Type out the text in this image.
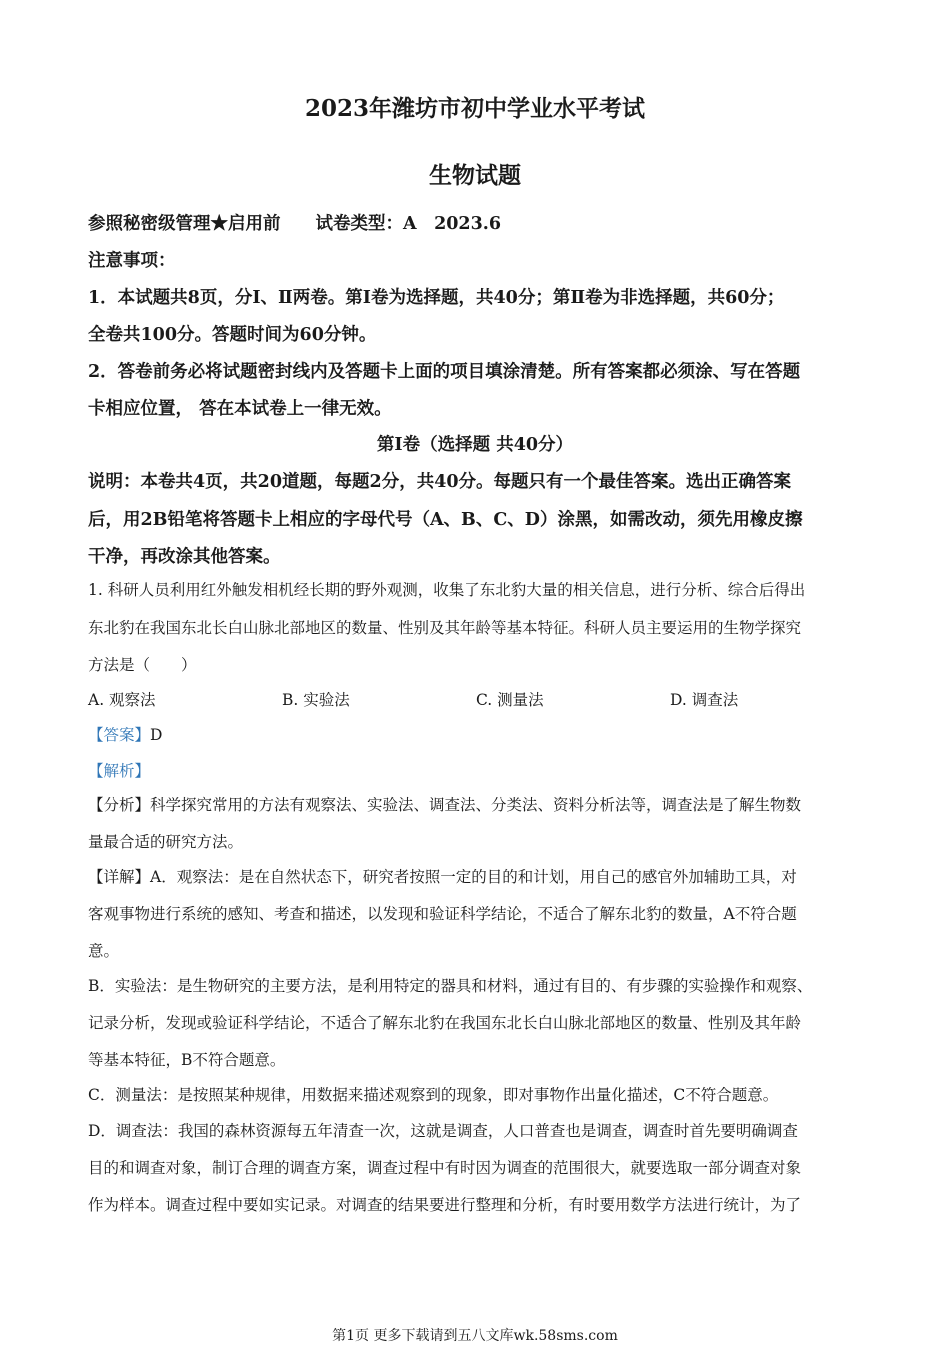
2023年潍坊市初中学业水平考试
生物试题
参照秘密级管理★启用前　　试卷类型：A　2023.6
注意事项：
1．本试题共8页，分Ⅰ、Ⅱ两卷。第Ⅰ卷为选择题，共40分；第Ⅱ卷为非选择题，共60分；
全卷共100分。答题时间为60分钟。
2．答卷前务必将试题密封线内及答题卡上面的项目填涂清楚。所有答案都必须涂、写在答题
卡相应位置， 答在本试卷上一律无效。
第Ⅰ卷（选择题 共40分）
说明：本卷共4页，共20道题，每题2分，共40分。每题只有一个最佳答案。选出正确答案
后，用2B铅笔将答题卡上相应的字母代号（A、B、C、D）涂黑，如需改动，须先用橡皮擦
干净，再改涂其他答案。
1. 科研人员利用红外触发相机经长期的野外观测，收集了东北豹大量的相关信息，进行分析、综合后得出
东北豹在我国东北长白山脉北部地区的数量、性别及其年龄等基本特征。科研人员主要运用的生物学探究
方法是（　　）
A. 观察法	B. 实验法	C. 测量法	D. 调查法
【答案】D
【解析】
【分析】科学探究常用的方法有观察法、实验法、调查法、分类法、资料分析法等，调查法是了解生物数
量最合适的研究方法。
【详解】A．观察法：是在自然状态下，研究者按照一定的目的和计划，用自己的感官外加辅助工具，对
客观事物进行系统的感知、考查和描述，以发现和验证科学结论，不适合了解东北豹的数量，A不符合题
意。
B．实验法：是生物研究的主要方法，是利用特定的器具和材料，通过有目的、有步骤的实验操作和观察、
记录分析，发现或验证科学结论，不适合了解东北豹在我国东北长白山脉北部地区的数量、性别及其年龄
等基本特征，B不符合题意。
C．测量法：是按照某种规律，用数据来描述观察到的现象，即对事物作出量化描述，C不符合题意。
D．调查法：我国的森林资源每五年清查一次，这就是调查，人口普查也是调查，调查时首先要明确调查
目的和调查对象，制订合理的调查方案，调查过程中有时因为调查的范围很大，就要选取一部分调查对象
作为样本。调查过程中要如实记录。对调查的结果要进行整理和分析，有时要用数学方法进行统计，为了
第1页 更多下载请到五八文库wk.58sms.com
